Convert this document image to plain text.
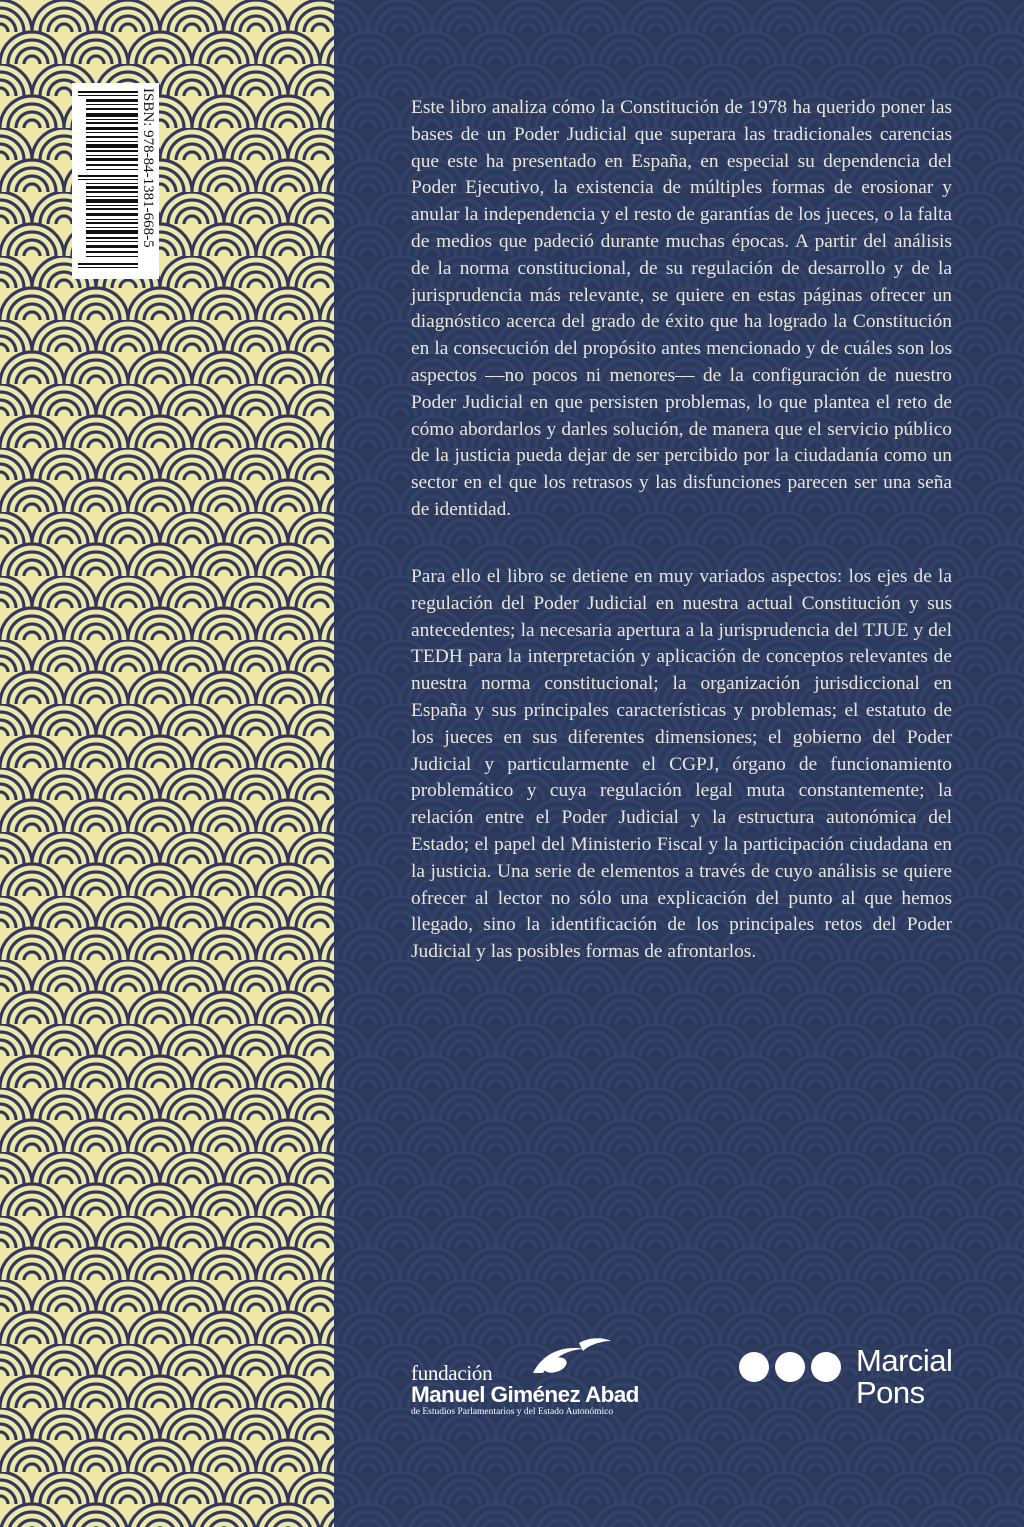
ISBN: 978-84-1381-668-5	Este libro analiza cómo la Constitución de 1978 ha querido poner las bases de un Poder Judicial que superara las tradicionales carencias que este ha presentado en España, en especial su dependencia del Poder Ejecutivo, la existencia de múltiples formas de erosionar y anular la independencia y el resto de garantías de los jueces, o la falta de medios que padeció durante muchas épocas. A partir del análisis de la norma constitucional, de su regulación de desarrollo y de la jurisprudencia más relevante, se quiere en estas páginas ofrecer un diagnóstico acerca del grado de éxito que ha logrado la Constitución en la consecución del propósito antes mencionado y de cuáles son los aspectos —no pocos ni menores— de la configuración de nuestro Poder Judicial en que persisten problemas, lo que plantea el reto de cómo abordarlos y darles solución, de manera que el servicio público de la justicia pueda dejar de ser percibido por la ciudadanía como un sector en el que los retrasos y las disfunciones parecen ser una seña de identidad.

Para ello el libro se detiene en muy variados aspectos: los ejes de la regulación del Poder Judicial en nuestra actual Constitución y sus antecedentes; la necesaria apertura a la jurisprudencia del TJUE y del TEDH para la interpretación y aplicación de conceptos relevantes de nuestra norma constitucional; la organización jurisdiccional en España y sus principales características y problemas; el estatuto de los jueces en sus diferentes dimensiones; el gobierno del Poder Judicial y particularmente el CGPJ, órgano de funcionamiento problemático y cuya regulación legal muta constantemente; la relación entre el Poder Judicial y la estructura autonómica del Estado; el papel del Ministerio Fiscal y la participación ciudadana en la justicia. Una serie de elementos a través de cuyo análisis se quiere ofrecer al lector no sólo una explicación del punto al que hemos llegado, sino la identificación de los principales retos del Poder Judicial y las posibles formas de afrontarlos.

fundación
Manuel Giménez Abad
de Estudios Parlamentarios y del Estado Autonómico
Marcial
Pons
